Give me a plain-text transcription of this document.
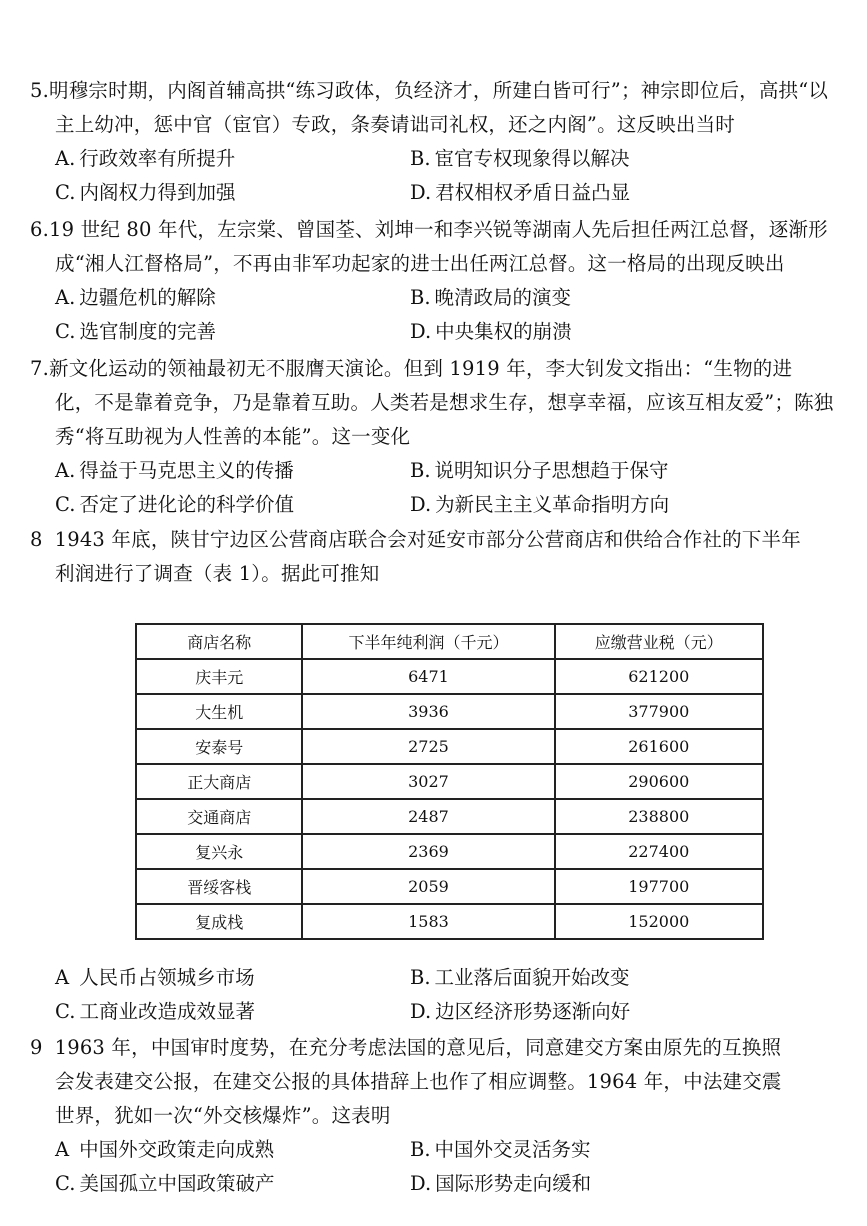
5.明穆宗时期，内阁首辅高拱“练习政体，负经济才，所建白皆可行”；神宗即位后，高拱“以
主上幼冲，惩中官（宦官）专政，条奏请诎司礼权，还之内阁”。这反映出当时
A. 行政效率有所提升	B. 宦官专权现象得以解决
C. 内阁权力得到加强	D. 君权相权矛盾日益凸显
6.19 世纪 80 年代，左宗棠、曾国荃、刘坤一和李兴锐等湖南人先后担任两江总督，逐渐形
成“湘人江督格局”，不再由非军功起家的进士出任两江总督。这一格局的出现反映出
A. 边疆危机的解除	B. 晚清政局的演变
C. 选官制度的完善	D. 中央集权的崩溃
7.新文化运动的领袖最初无不服膺天演论。但到 1919 年，李大钊发文指出：“生物的进
化，不是靠着竞争，乃是靠着互助。人类若是想求生存，想享幸福，应该互相友爱”；陈独
秀“将互助视为人性善的本能”。这一变化
A. 得益于马克思主义的传播	B. 说明知识分子思想趋于保守
C. 否定了进化论的科学价值	D. 为新民主主义革命指明方向
8 1943 年底，陕甘宁边区公营商店联合会对延安市部分公营商店和供给合作社的下半年
利润进行了调查（表 1）。据此可推知
商店名称	下半年纯利润（千元）	应缴营业税（元）
庆丰元	6471	621200
大生机	3936	377900
安泰号	2725	261600
正大商店	3027	290600
交通商店	2487	238800
复兴永	2369	227400
晋绥客栈	2059	197700
复成栈	1583	152000
A 人民币占领城乡市场	B. 工业落后面貌开始改变
C. 工商业改造成效显著	D. 边区经济形势逐渐向好
9 1963 年，中国审时度势，在充分考虑法国的意见后，同意建交方案由原先的互换照
会发表建交公报，在建交公报的具体措辞上也作了相应调整。1964 年，中法建交震
世界，犹如一次“外交核爆炸”。这表明
A 中国外交政策走向成熟	B. 中国外交灵活务实
C. 美国孤立中国政策破产	D. 国际形势走向缓和
